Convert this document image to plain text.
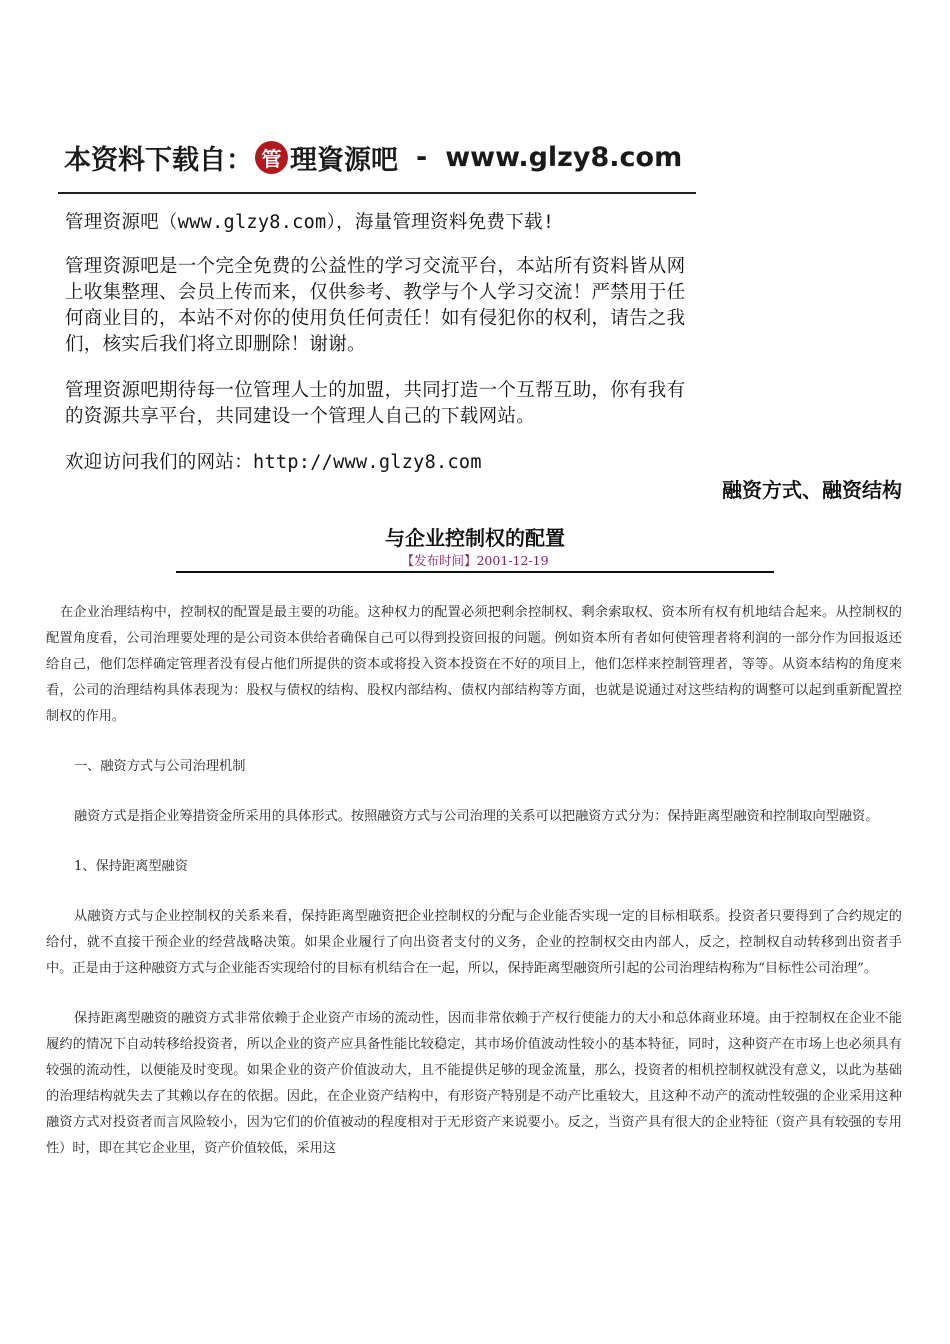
本资料下载自： 管 理資源吧 - www.glzy8.com

管理资源吧（www.glzy8.com），海量管理资料免费下载!

管理资源吧是一个完全免费的公益性的学习交流平台，本站所有资料皆从网上收集整理、会员上传而来，仅供参考、教学与个人学习交流！严禁用于任何商业目的，本站不对你的使用负任何责任！如有侵犯你的权利，请告之我们，核实后我们将立即删除！谢谢。

管理资源吧期待每一位管理人士的加盟，共同打造一个互帮互助，你有我有的资源共享平台，共同建设一个管理人自己的下载网站。

欢迎访问我们的网站：http://www.glzy8.com

融资方式、融资结构
与企业控制权的配置
【发布时间】2001-12-19

在企业治理结构中，控制权的配置是最主要的功能。这种权力的配置必须把剩余控制权、剩余索取权、资本所有权有机地结合起来。从控制权的配置角度看，公司治理要处理的是公司资本供给者确保自己可以得到投资回报的问题。例如资本所有者如何使管理者将利润的一部分作为回报返还给自己，他们怎样确定管理者没有侵占他们所提供的资本或将投入资本投资在不好的项目上，他们怎样来控制管理者，等等。从资本结构的角度来看，公司的治理结构具体表现为：股权与债权的结构、股权内部结构、债权内部结构等方面，也就是说通过对这些结构的调整可以起到重新配置控制权的作用。

一、融资方式与公司治理机制

融资方式是指企业筹措资金所采用的具体形式。按照融资方式与公司治理的关系可以把融资方式分为：保持距离型融资和控制取向型融资。

1、保持距离型融资

从融资方式与企业控制权的关系来看，保持距离型融资把企业控制权的分配与企业能否实现一定的目标相联系。投资者只要得到了合约规定的给付，就不直接干预企业的经营战略决策。如果企业履行了向出资者支付的义务，企业的控制权交由内部人，反之，控制权自动转移到出资者手中。正是由于这种融资方式与企业能否实现给付的目标有机结合在一起，所以，保持距离型融资所引起的公司治理结构称为“目标性公司治理”。

保持距离型融资的融资方式非常依赖于企业资产市场的流动性，因而非常依赖于产权行使能力的大小和总体商业环境。由于控制权在企业不能履约的情况下自动转移给投资者，所以企业的资产应具备性能比较稳定，其市场价值波动性较小的基本特征，同时，这种资产在市场上也必须具有较强的流动性，以便能及时变现。如果企业的资产价值波动大，且不能提供足够的现金流量，那么，投资者的相机控制权就没有意义，以此为基础的治理结构就失去了其赖以存在的依据。因此，在企业资产结构中，有形资产特别是不动产比重较大，且这种不动产的流动性较强的企业采用这种融资方式对投资者而言风险较小，因为它们的价值被动的程度相对于无形资产来说要小。反之，当资产具有很大的企业特征（资产具有较强的专用性）时，即在其它企业里，资产价值较低，采用这
